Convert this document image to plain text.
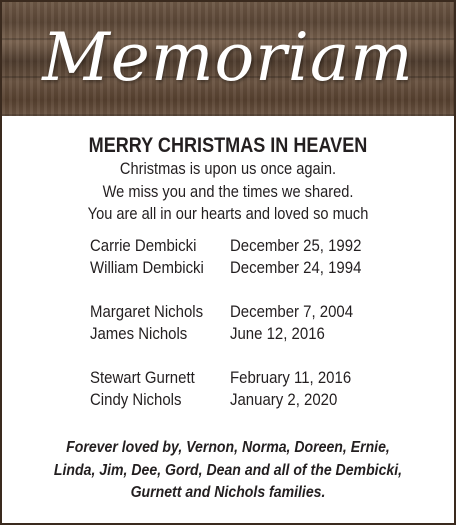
Memoriam
MERRY CHRISTMAS IN HEAVEN
Christmas is upon us once again.
We miss you and the times we shared.
You are all in our hearts and loved so much
Carrie Dembicki	December 25, 1992
William Dembicki	December 24, 1994
Margaret Nichols	December 7, 2004
James Nichols	June 12, 2016
Stewart Gurnett	February 11, 2016
Cindy Nichols	January 2, 2020
Forever loved by, Vernon, Norma, Doreen, Ernie,
Linda, Jim, Dee, Gord, Dean and all of the Dembicki,
Gurnett and Nichols families.
